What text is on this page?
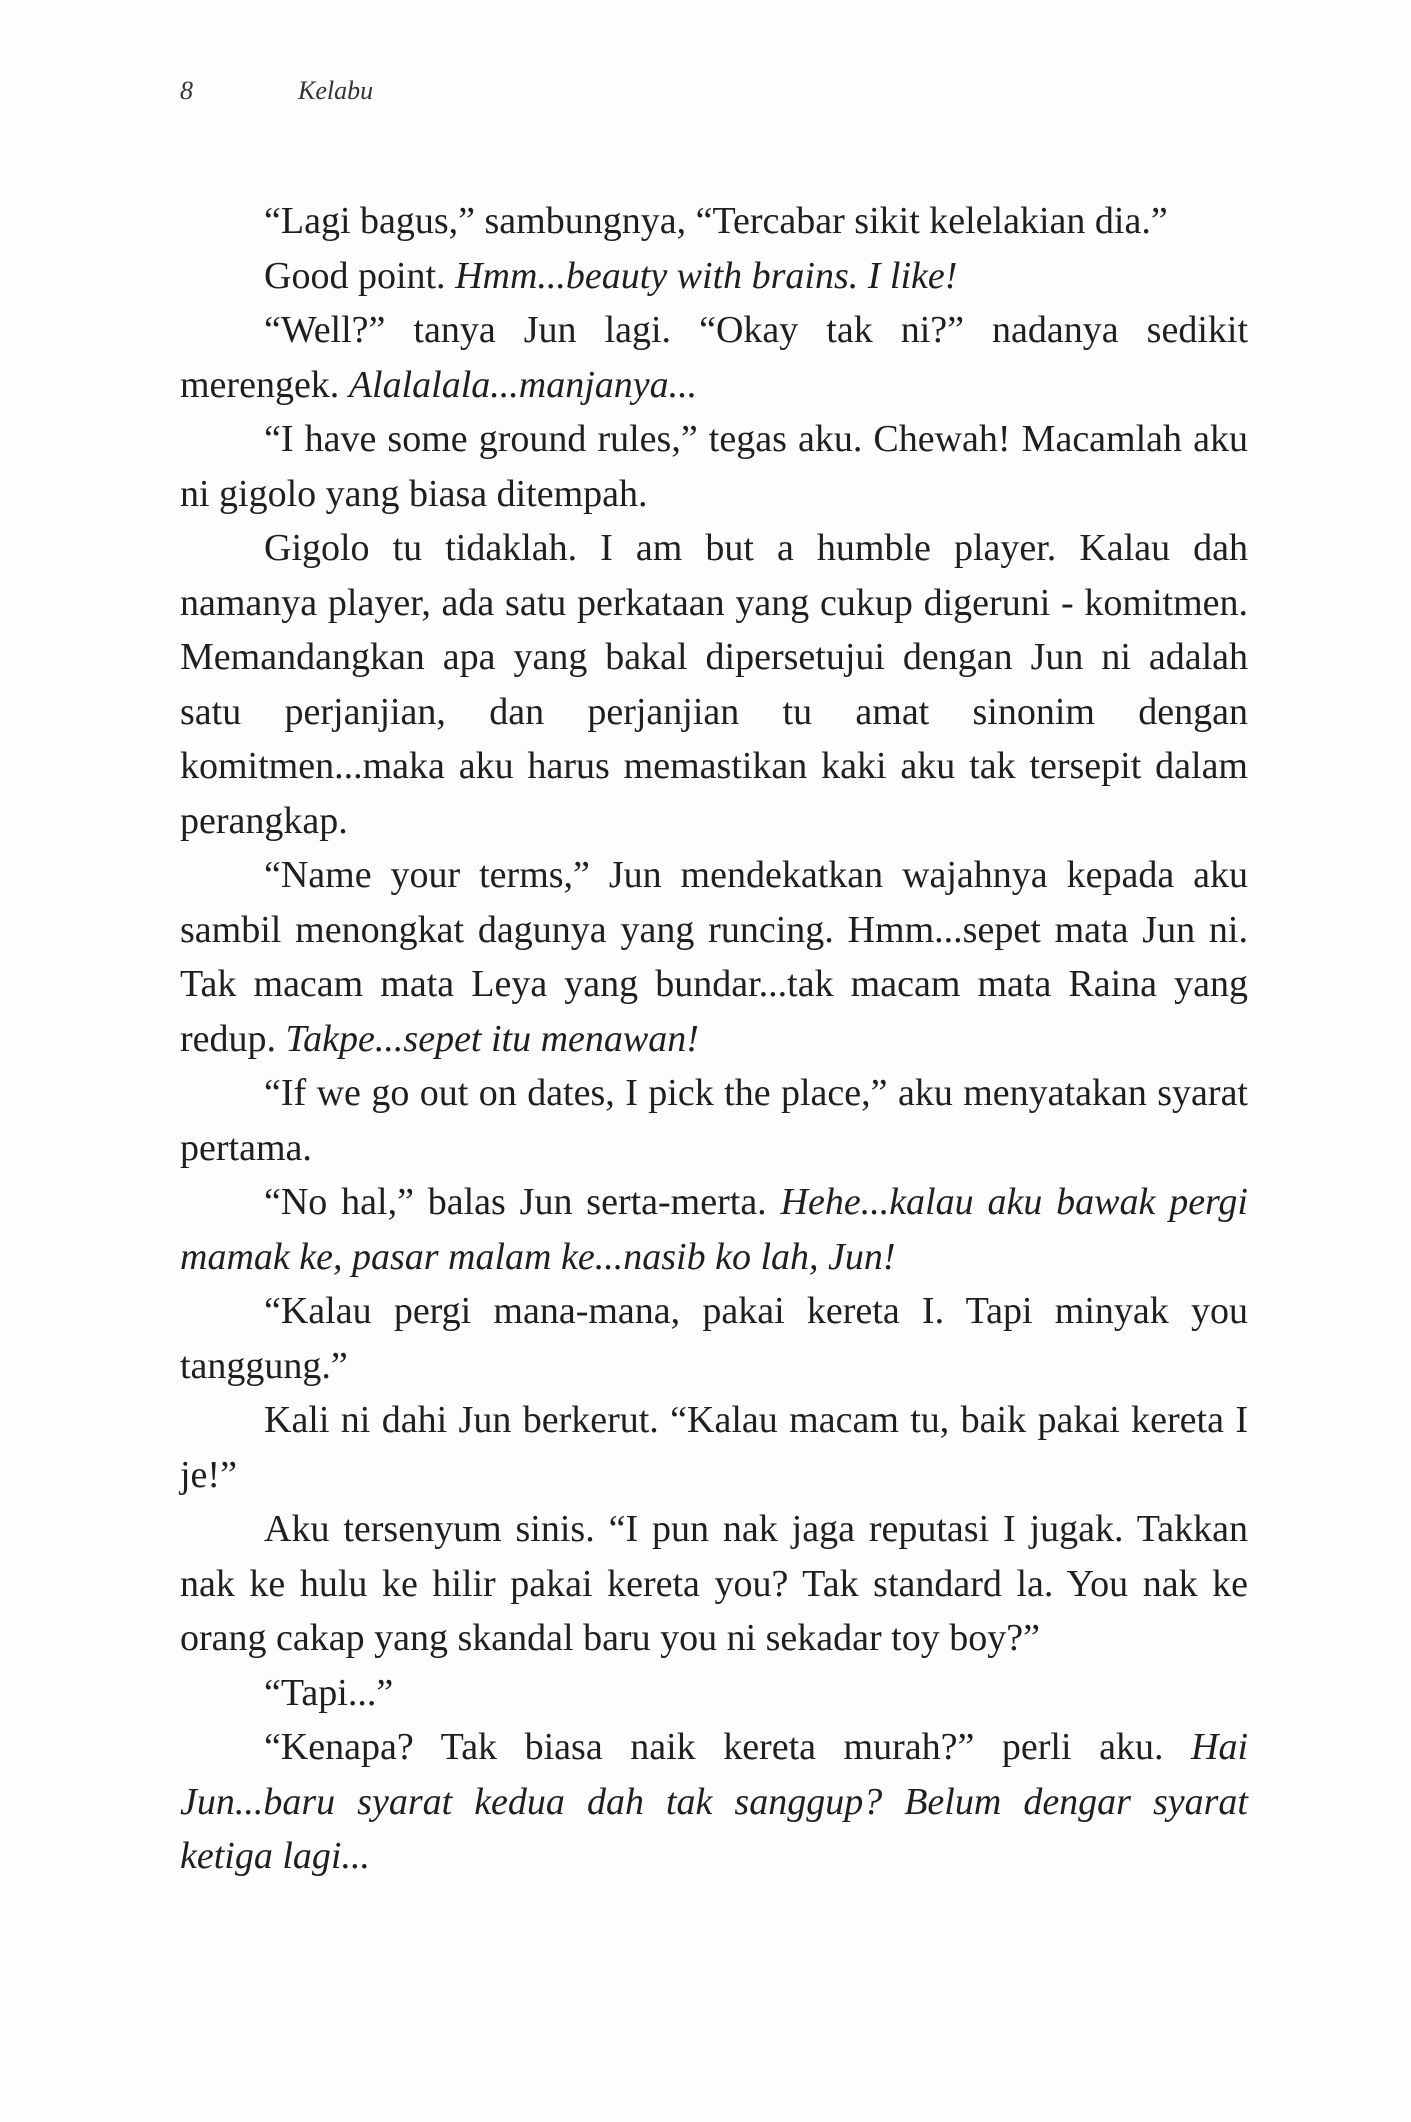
8	Kelabu

“Lagi bagus,” sambungnya, “Tercabar sikit kelelakian dia.”

Good point. Hmm...beauty with brains. I like!

“Well?” tanya Jun lagi. “Okay tak ni?” nadanya sedikit merengek. Alalalala...manjanya...

“I have some ground rules,” tegas aku. Chewah! Macamlah aku ni gigolo yang biasa ditempah.

Gigolo tu tidaklah. I am but a humble player. Kalau dah namanya player, ada satu perkataan yang cukup digeruni - komitmen. Memandangkan apa yang bakal dipersetujui dengan Jun ni adalah satu perjanjian, dan perjanjian tu amat sinonim dengan komitmen...maka aku harus memastikan kaki aku tak tersepit dalam perangkap.

“Name your terms,” Jun mendekatkan wajahnya kepada aku sambil menongkat dagunya yang runcing. Hmm...sepet mata Jun ni. Tak macam mata Leya yang bundar...tak macam mata Raina yang redup. Takpe...sepet itu menawan!

“If we go out on dates, I pick the place,” aku menyatakan syarat pertama.

“No hal,” balas Jun serta-merta. Hehe...kalau aku bawak pergi mamak ke, pasar malam ke...nasib ko lah, Jun!

“Kalau pergi mana-mana, pakai kereta I. Tapi minyak you tanggung.”

Kali ni dahi Jun berkerut. “Kalau macam tu, baik pakai kereta I je!”

Aku tersenyum sinis. “I pun nak jaga reputasi I jugak. Takkan nak ke hulu ke hilir pakai kereta you? Tak standard la. You nak ke orang cakap yang skandal baru you ni sekadar toy boy?”

“Tapi...”

“Kenapa? Tak biasa naik kereta murah?” perli aku. Hai Jun...baru syarat kedua dah tak sanggup? Belum dengar syarat ketiga lagi...
